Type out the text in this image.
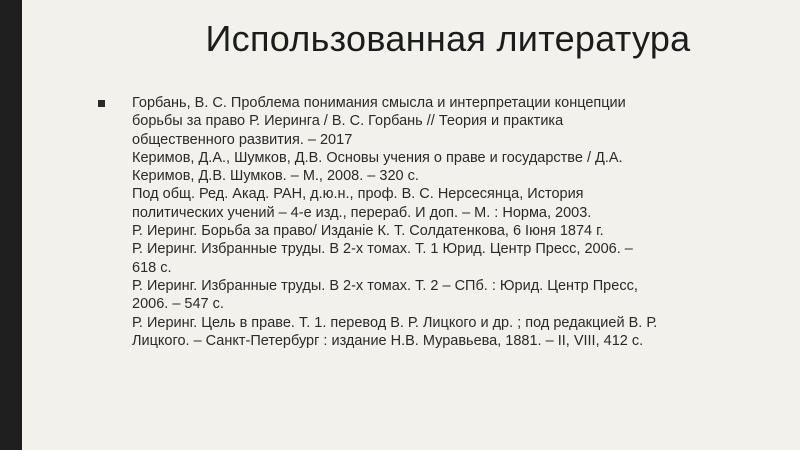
Использованная литература
Горбань, В. С. Проблема понимания смысла и интерпретации концепции
борьбы за право Р. Иеринга / В. С. Горбань // Теория и практика
общественного развития. – 2017
Керимов, Д.А., Шумков, Д.В. Основы учения о праве и государстве / Д.А.
Керимов, Д.В. Шумков. – М., 2008. – 320 с.
Под общ. Ред. Акад. РАН, д.ю.н., проф. В. С. Нерсесянца, История
политических учений – 4-е изд., перераб. И доп. – М. : Норма, 2003.
Р. Иеринг. Борьба за право/ Изданiе К. Т. Солдатенкова, 6 Iюня 1874 г.
Р. Иеринг. Избранные труды. В 2-х томах. Т. 1 Юрид. Центр Пресс, 2006. –
618 с.
Р. Иеринг. Избранные труды. В 2-х томах. Т. 2 – СПб. : Юрид. Центр Пресс,
2006. – 547 с.
Р. Иеринг. Цель в праве. Т. 1. перевод В. Р. Лицкого и др. ; под редакцией В. Р.
Лицкого. – Санкт-Петербург : издание Н.В. Муравьева, 1881. – II, VIII, 412 с.
